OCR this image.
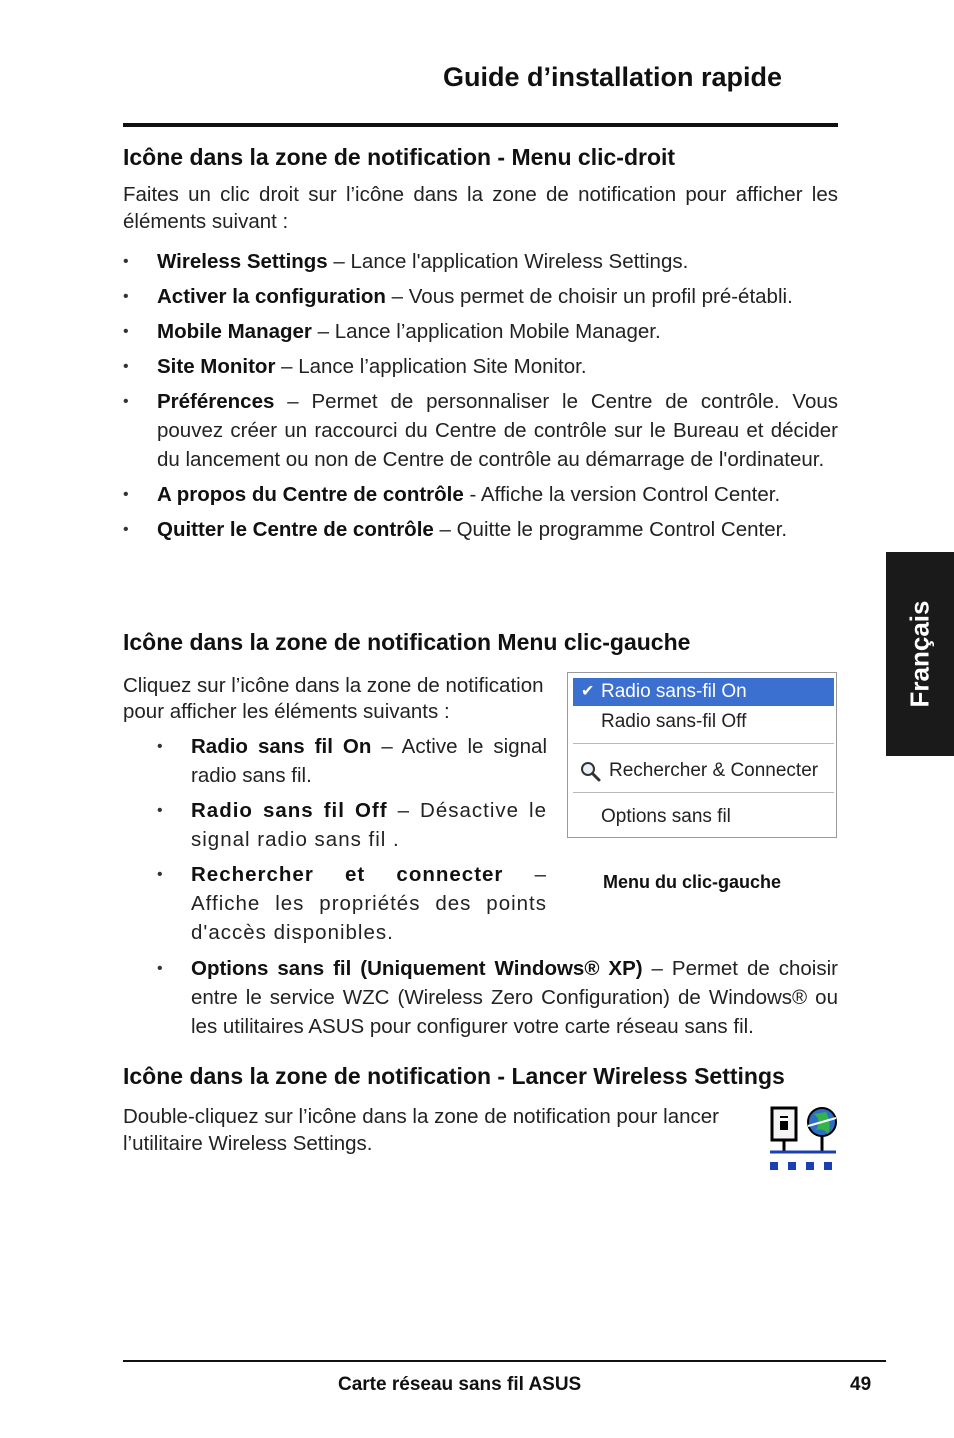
Guide d’installation rapide
Français
Icône dans la zone de notification - Menu clic-droit
Faites un clic droit sur l’icône dans la zone de notification pour afficher les éléments suivant :
• Wireless Settings – Lance l'application Wireless Settings.
• Activer la configuration – Vous permet de choisir un profil pré-établi.
• Mobile Manager – Lance l’application Mobile Manager.
• Site Monitor – Lance l’application Site Monitor.
• Préférences – Permet de personnaliser le Centre de contrôle. Vous pouvez créer un raccourci du Centre de contrôle sur le Bureau et décider du lancement ou non de Centre de contrôle au démarrage de l'ordinateur.
• A propos du Centre de contrôle - Affiche la version Control Center.
• Quitter le Centre de contrôle – Quitte le programme Control Center.
Icône dans la zone de notification Menu clic-gauche
Cliquez sur l’icône dans la zone de notification pour afficher les éléments suivants :
• Radio sans fil On – Active le signal radio sans fil.
• Radio sans fil Off – Désactive le signal radio sans fil .
• Rechercher et connecter – Affiche les propriétés des points d'accès disponibles.
• Options sans fil (Uniquement Windows® XP) – Permet de choisir entre le service WZC (Wireless Zero Configuration) de Windows® ou les utilitaires ASUS pour configurer votre carte réseau sans fil.
✔ Radio sans-fil On
Radio sans-fil Off
Rechercher & Connecter
Options sans fil
Menu du clic-gauche
Icône dans la zone de notification - Lancer Wireless Settings
Double-cliquez sur l’icône dans la zone de notification pour lancer l’utilitaire Wireless Settings.
Carte réseau sans fil ASUS	49
